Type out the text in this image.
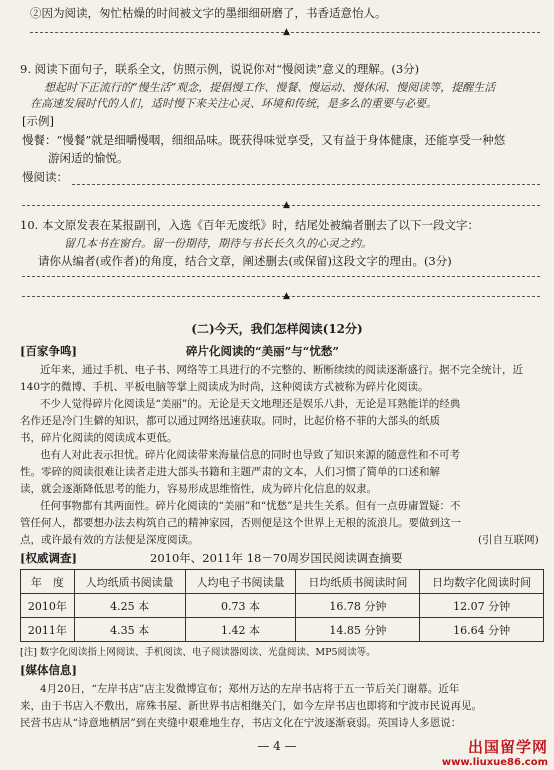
②因为阅读，匆忙枯燥的时间被文字的墨细细研磨了，书香适意怡人。
▲
9. 阅读下面句子，联系全文，仿照示例，说说你对“慢阅读”意义的理解。(3分)
想起时下正流行的“慢生活”观念，提倡慢工作、慢餐、慢运动、慢休闲、慢阅读等，提醒生活
在高速发展时代的人们，适时慢下来关注心灵、环境和传统，是多么的重要与必要。
[示例]
慢餐：“慢餐”就是细嚼慢咽，细细品味。既获得味觉享受，又有益于身体健康，还能享受一种悠
游闲适的愉悦。
慢阅读：
▲
10. 本文原发表在某报副刊，入选《百年无废纸》时，结尾处被编者删去了以下一段文字：
留几本书在窗台。留一份期待，期待与书长长久久的心灵之约。
请你从编者(或作者)的角度，结合文章，阐述删去(或保留)这段文字的理由。(3分)
▲
(二)今天，我们怎样阅读(12分)
[百家争鸣]	碎片化阅读的“美丽”与“忧愁”
近年来，通过手机、电子书、网络等工具进行的不完整的、断断续续的阅读逐渐盛行。据不完全统计，近
140字的微博、手机、平板电脑等掌上阅读成为时尚，这种阅读方式被称为碎片化阅读。
不少人觉得碎片化阅读是“美丽”的。无论是天文地理还是娱乐八卦，无论是耳熟能详的经典
名作还是冷门生僻的知识，都可以通过网络迅速获取。同时，比起价格不菲的大部头的纸质
书，碎片化阅读的阅读成本更低。
也有人对此表示担忧。碎片化阅读带来海量信息的同时也导致了知识来源的随意性和不可考
性。零碎的阅读很难让读者走进大部头书籍和主题严肃的文本，人们习惯了简单的口述和解
读，就会逐渐降低思考的能力，容易形成思维惰性，成为碎片化信息的奴隶。
任何事物都有其两面性。碎片化阅读的“美丽”和“忧愁”是共生关系。但有一点毋庸置疑：不
管任何人，都要想办法去构筑自己的精神家园，否则便是这个世界上无根的流浪儿。要做到这一
点，或许最有效的方法便是深度阅读。	(引自互联网)
[权威调查]	2010年、2011年 18－70周岁国民阅读调查摘要
年　度	人均纸质书阅读量	人均电子书阅读量	日均纸质书阅读时间	日均数字化阅读时间
2010年	4.25 本	0.73 本	16.78 分钟	12.07 分钟
2011年	4.35 本	1.42 本	14.85 分钟	16.64 分钟
[注] 数字化阅读指上网阅读、手机阅读、电子阅读器阅读、光盘阅读、MP5阅读等。
[媒体信息]
4月20日，“左岸书店”店主发微博宣布；郑州万达的左岸书店将于五一节后关门谢幕。近年
来，由于书店入不敷出，席殊书屋、新世界书店相继关门，如今左岸书店也即将和宁波市民说再见。
民营书店从“诗意地栖居”到在夹缝中艰难地生存，书店文化在宁波逐渐衰弱。英国诗人多恩说：
— 4 —	出国留学网
www.liuxue86.com
